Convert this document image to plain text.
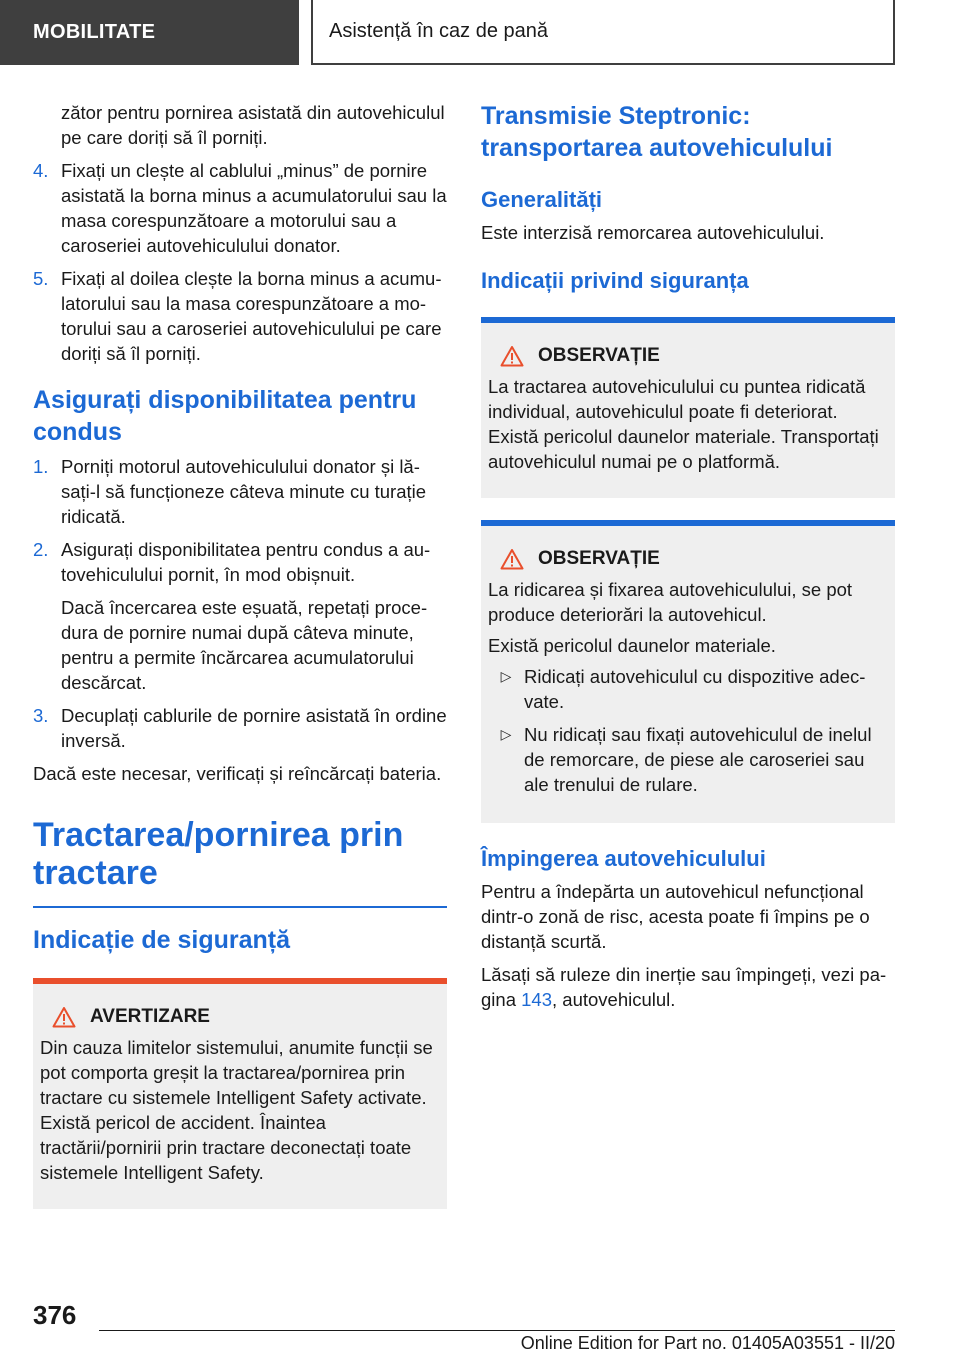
MOBILITATE	Asistență în caz de pană
zător pentru pornirea asistată din autovehiculul pe care doriți să îl porniți.
4. Fixați un clește al cablului „minus” de pornire asistată la borna minus a acumulatorului sau la masa corespunzătoare a motorului sau a caroseriei autovehiculului donator.
5. Fixați al doilea clește la borna minus a acumulatorului sau la masa corespunzătoare a motorului sau a caroseriei autovehiculului pe care doriți să îl porniți.
Asigurați disponibilitatea pentru
condus
1. Porniți motorul autovehiculului donator și lăsați-l să funcționeze câteva minute cu turație ridicată.
2. Asigurați disponibilitatea pentru condus a autovehiculului pornit, în mod obișnuit.
Dacă încercarea este eșuată, repetați procedura de pornire numai după câteva minute, pentru a permite încărcarea acumulatorului descărcat.
3. Decuplați cablurile de pornire asistată în ordine inversă.

Dacă este necesar, verificați și reîncărcați bateria.

Tractarea/pornirea prin
tractare
Indicație de siguranță
AVERTIZARE

Din cauza limitelor sistemului, anumite funcții se pot comporta greșit la tractarea/pornirea prin tractare cu sistemele Intelligent Safety activate. Există pericol de accident. Înaintea tractării/pornirii prin tractare deconectați toate sistemele Intelligent Safety.

Transmisie Steptronic:
transportarea autovehiculului
Generalități

Este interzisă remorcarea autovehiculului.

Indicații privind siguranța
OBSERVAȚIE

La tractarea autovehiculului cu puntea ridicată individual, autovehiculul poate fi deteriorat. Există pericolul daunelor materiale. Transportați autovehiculul numai pe o platformă.

OBSERVAȚIE

La ridicarea și fixarea autovehiculului, se pot produce deteriorări la autovehicul.

Există pericolul daunelor materiale.

▷ Ridicați autovehiculul cu dispozitive adecvate.
▷ Nu ridicați sau fixați autovehiculul de inelul de remorcare, de piese ale caroseriei sau ale trenului de rulare.
Împingerea autovehiculului

Pentru a îndepărta un autovehicul nefuncțional dintr-o zonă de risc, acesta poate fi împins pe o distanță scurtă.

Lăsați să ruleze din inerție sau împingeți, vezi pagina 143, autovehiculul.

376
Online Edition for Part no. 01405A03551 - II/20
